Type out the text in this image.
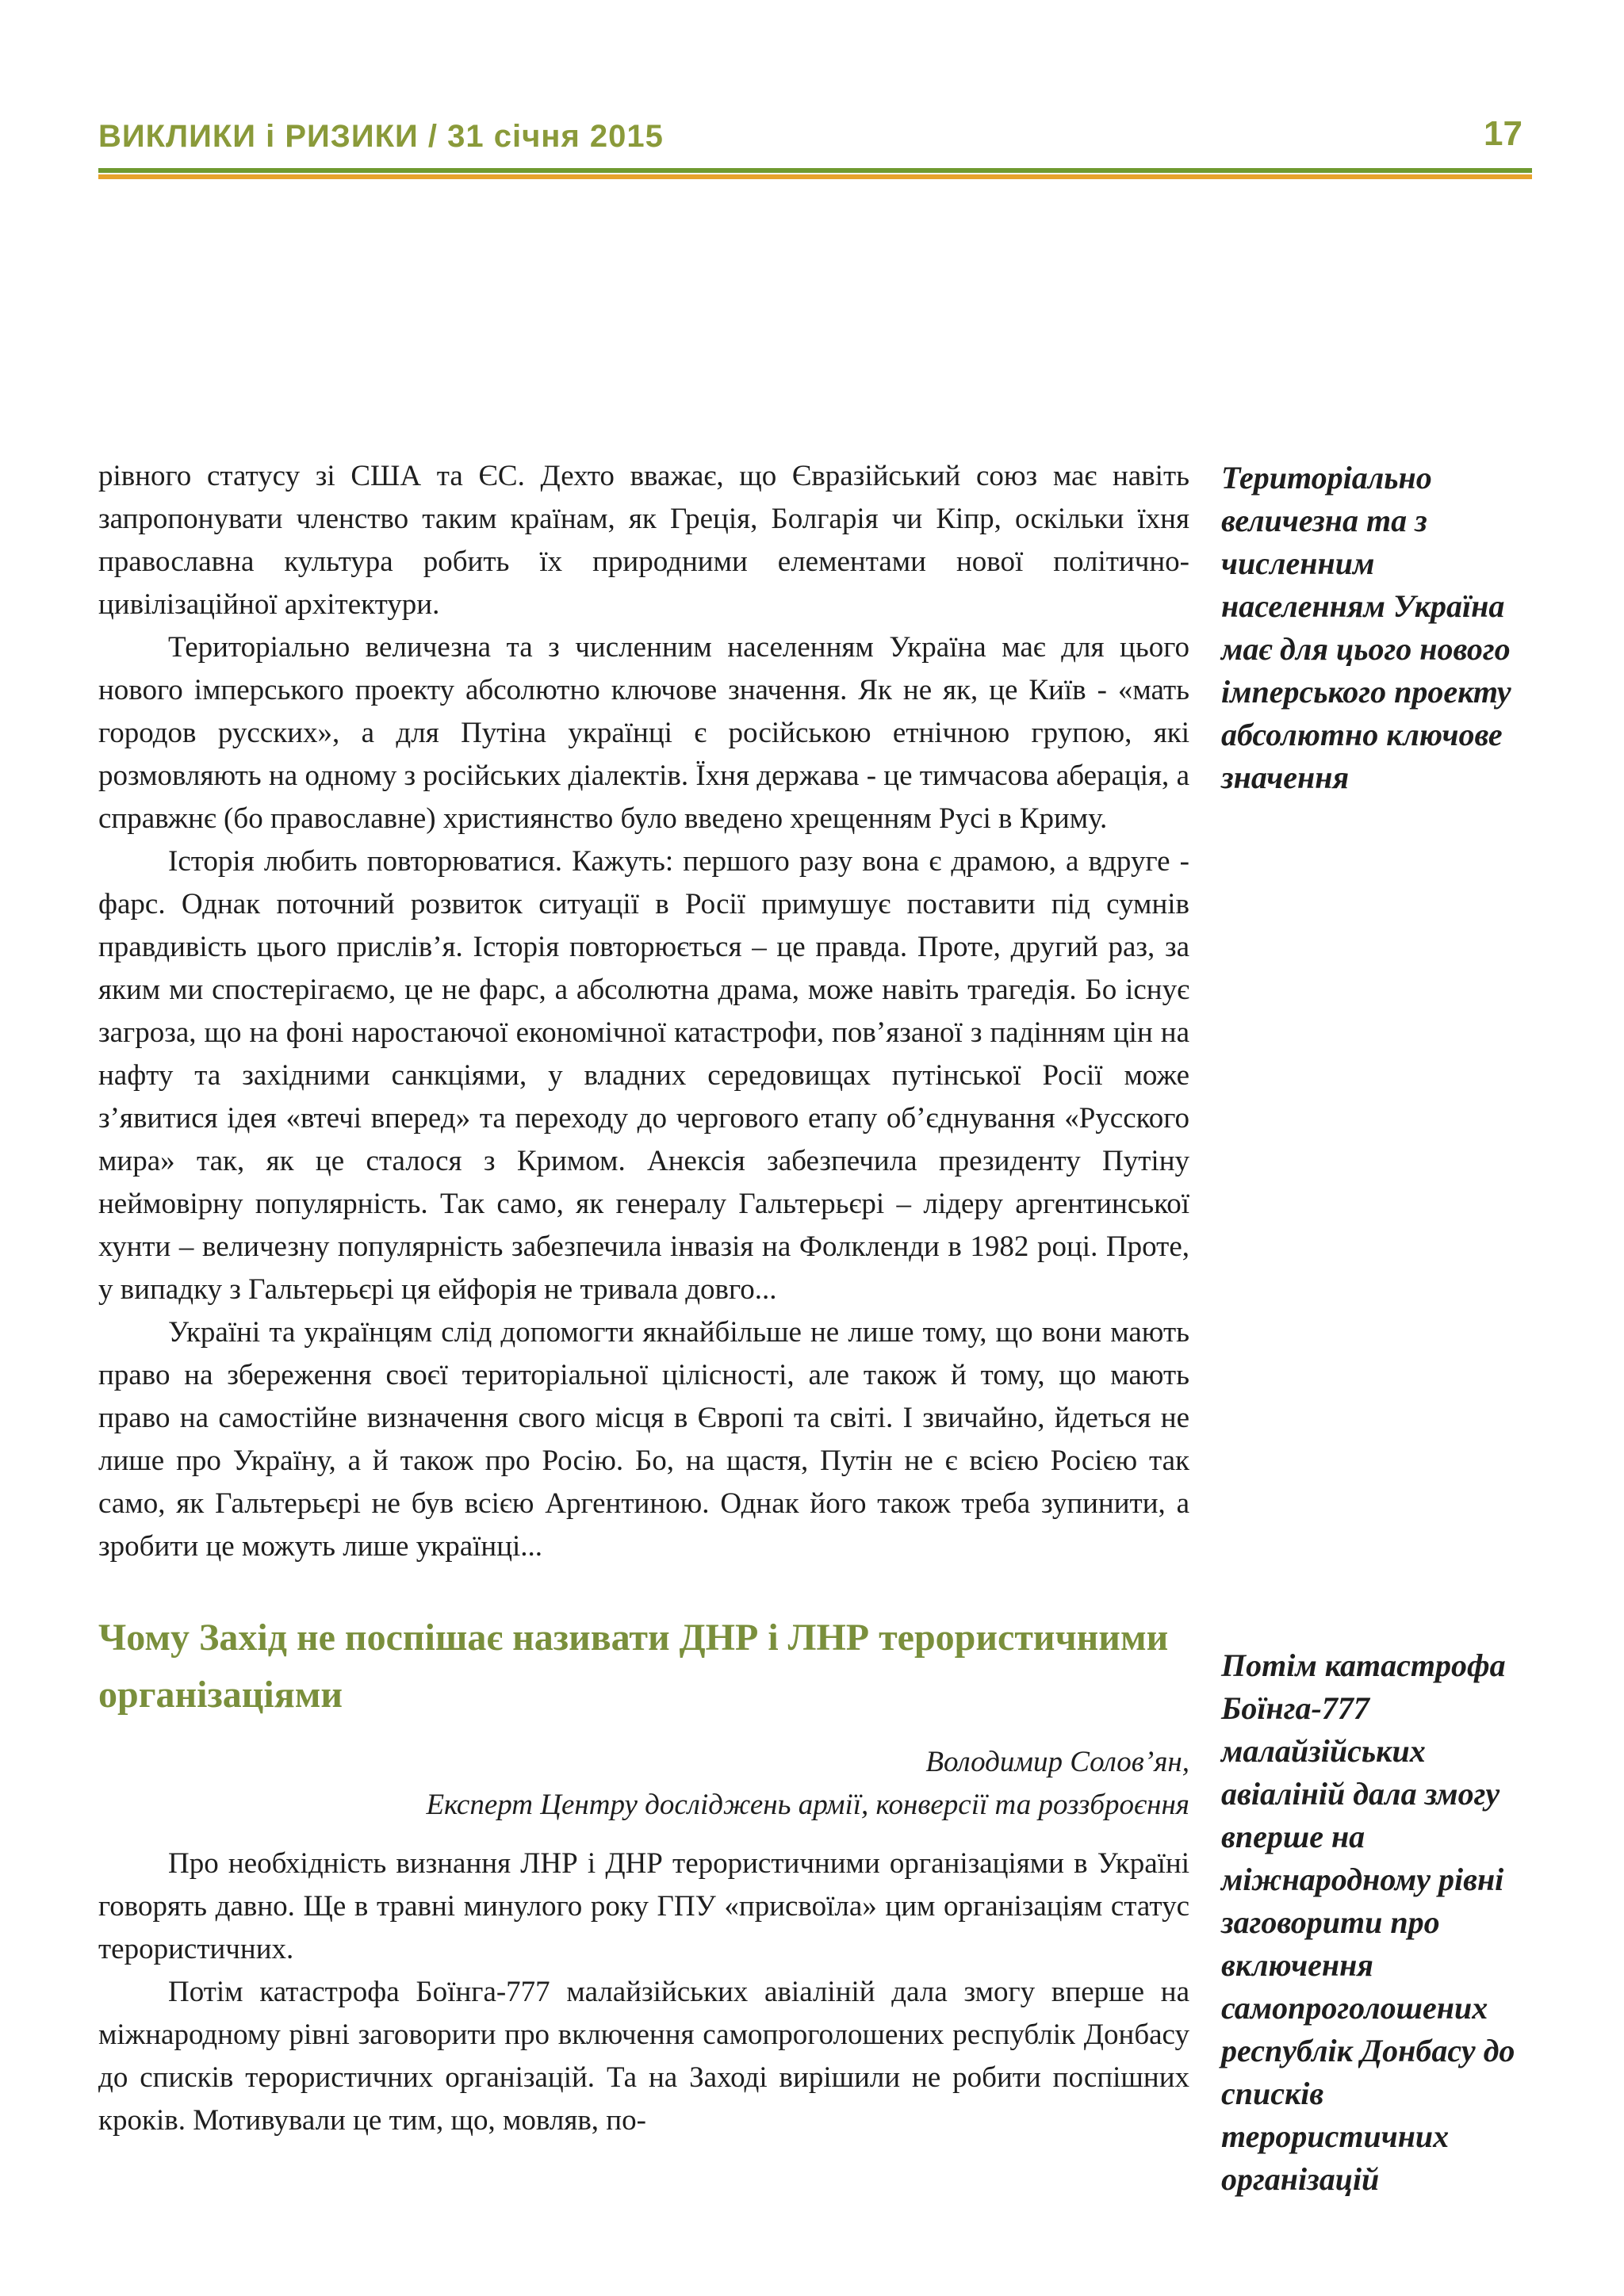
ВИКЛИКИ і РИЗИКИ / 31 січня 2015	17

рівного статусу зі США та ЄС. Дехто вважає, що Євразійський союз має навіть запропонувати членство таким країнам, як Греція, Болгарія чи Кіпр, оскільки їхня православна культура робить їх природними елементами нової політично-цивілізаційної архітектури.

Територіально величезна та з численним населенням Україна має для цього нового імперського проекту абсолютно ключове значення. Як не як, це Київ - «мать городов русских», а для Путіна українці є російською етнічною групою, які розмовляють на одному з російських діалектів. Їхня держава - це тимчасова аберація, а справжнє (бо православне) християнство було введено хрещенням Русі в Криму.

Історія любить повторюватися. Кажуть: першого разу вона є драмою, а вдруге - фарс. Однак поточний розвиток ситуації в Росії примушує поставити під сумнів правдивість цього прислів’я. Історія повторюється – це правда. Проте, другий раз, за яким ми спостерігаємо, це не фарс, а абсолютна драма, може навіть трагедія. Бо існує загроза, що на фоні наростаючої економічної катастрофи, пов’язаної з падінням цін на нафту та західними санкціями, у владних середовищах путінської Росії може з’явитися ідея «втечі вперед» та переходу до чергового етапу об’єднування «Русского мира» так, як це сталося з Кримом. Анексія забезпечила президенту Путіну неймовірну популярність. Так само, як генералу Гальтерьєрі – лідеру аргентинської хунти – величезну популярність забезпечила інвазія на Фолкленди в 1982 році. Проте, у випадку з Гальтерьєрі ця ейфорія не тривала довго...

Україні та українцям слід допомогти якнайбільше не лише тому, що вони мають право на збереження своєї територіальної цілісності, але також й тому, що мають право на самостійне визначення свого місця в Європі та світі. І звичайно, йдеться не лише про Україну, а й також про Росію. Бо, на щастя, Путін не є всією Росією так само, як Гальтерьєрі не був всією Аргентиною. Однак його також треба зупинити, а зробити це можуть лише українці...

Чому Захід не поспішає називати ДНР і ЛНР терористичними організаціями
Володимир Солов’ян,
Експерт Центру досліджень армії, конверсії та роззброєння

Про необхідність визнання ЛНР і ДНР терористичними організаціями в Україні говорять давно. Ще в травні минулого року ГПУ «присвоїла» цим організаціям статус терористичних.

Потім катастрофа Боїнга-777 малайзійських авіаліній дала змогу вперше на міжнародному рівні заговорити про включення самопроголошених республік Донбасу до списків терористичних організацій. Та на Заході вирішили не робити поспішних кроків. Мотивували це тим, що, мовляв, по-

Територіально величезна та з численним населенням Україна має для цього нового імперського проекту абсолютно ключове значення
Потім катастрофа Боїнга-777 малайзійських авіаліній дала змогу вперше на міжнародному рівні заговорити про включення самопроголошених республік Донбасу до списків терористичних організацій
